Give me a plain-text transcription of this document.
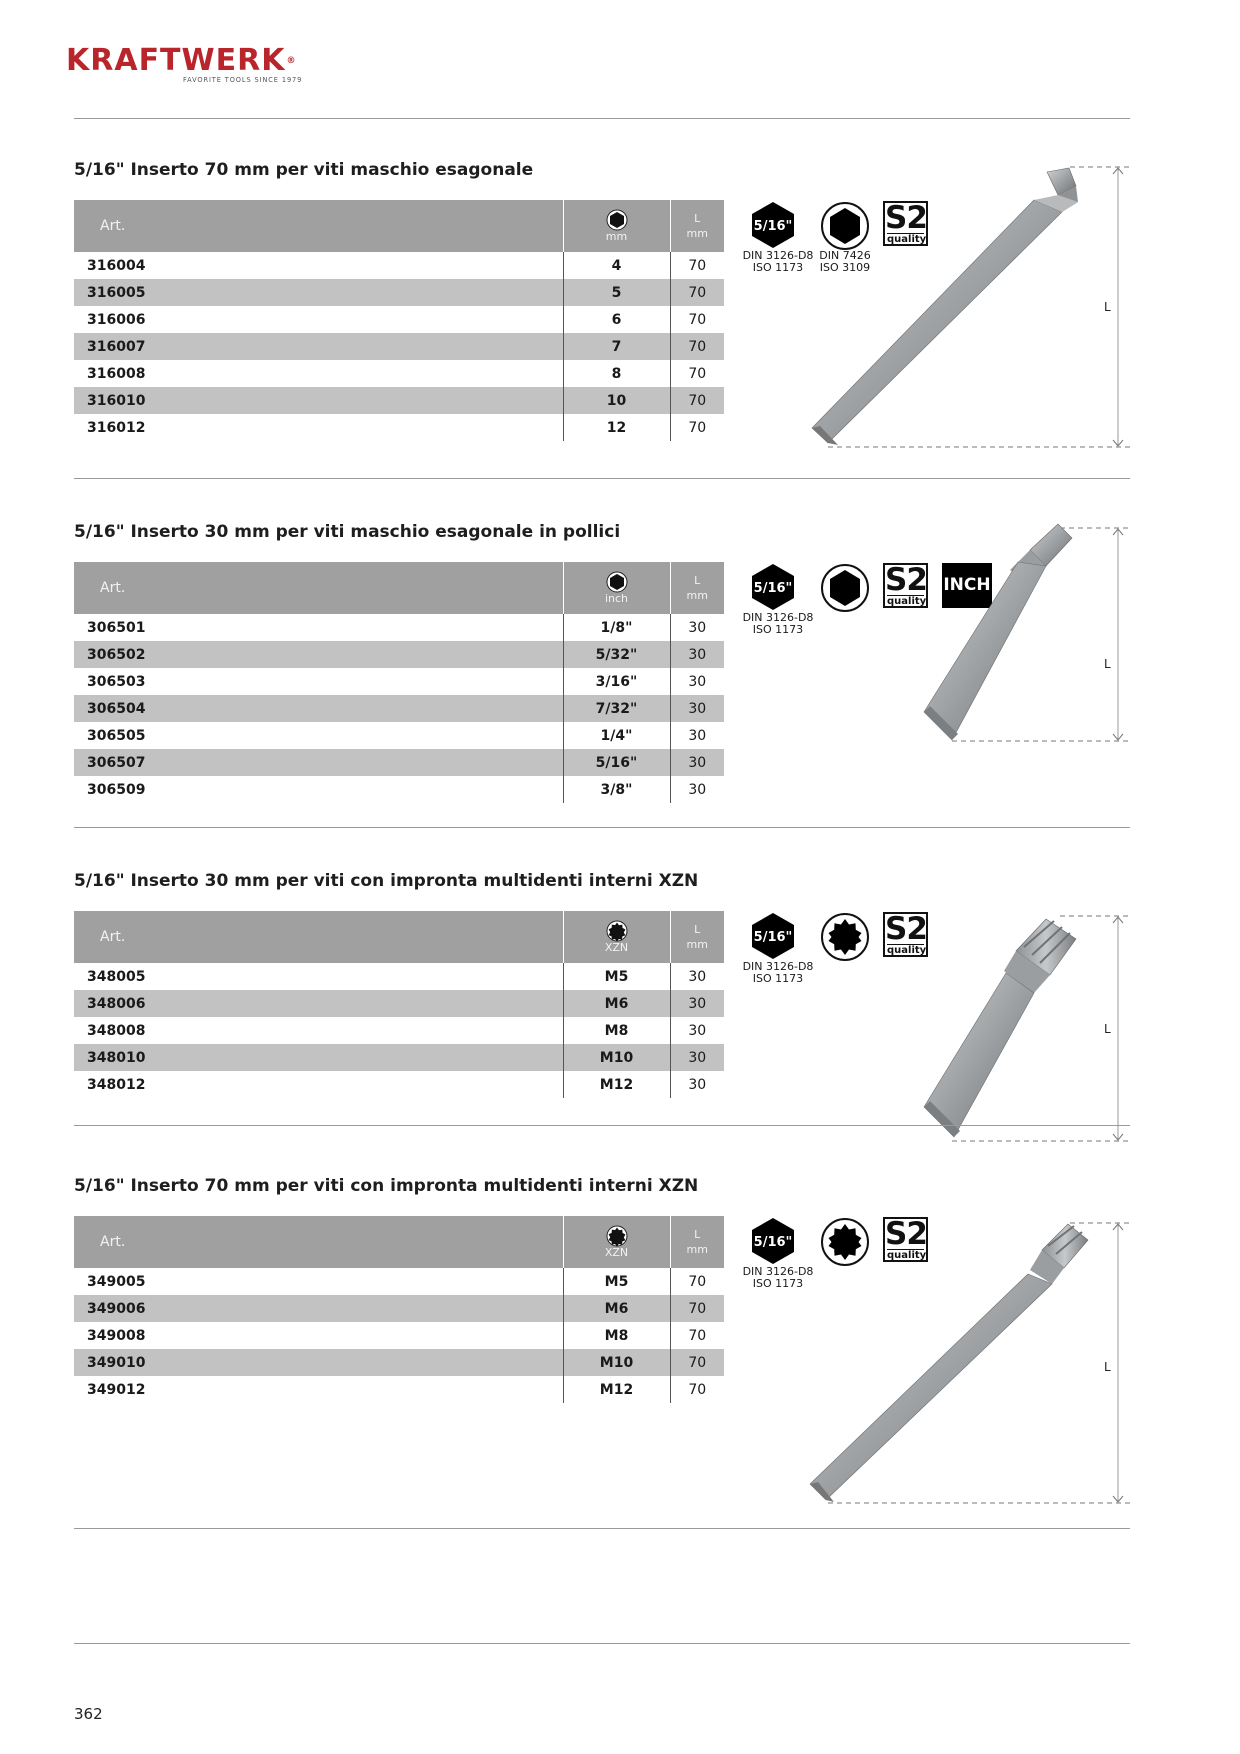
KRAFTWERK®
FAVORITE TOOLS SINCE 1979
5/16" Inserto 70 mm per viti maschio esagonale
Art.	mm	L
mm
316004	4	70
316005	5	70
316006	6	70
316007	7	70
316008	8	70
316010	10	70
316012	12	70
5/16"
DIN 3126-D8
ISO 1173
DIN 7426
ISO 3109
S2
quality
L
5/16" Inserto 30 mm per viti maschio esagonale in pollici
Art.	inch	L
mm
306501	1/8"	30
306502	5/32"	30
306503	3/16"	30
306504	7/32"	30
306505	1/4"	30
306507	5/16"	30
306509	3/8"	30
5/16"
DIN 3126-D8
ISO 1173
S2
quality
INCH
L
5/16" Inserto 30 mm per viti con impronta multidenti interni XZN
Art.	XZN	L
mm
348005	M5	30
348006	M6	30
348008	M8	30
348010	M10	30
348012	M12	30
5/16"
DIN 3126-D8
ISO 1173
S2
quality
L
5/16" Inserto 70 mm per viti con impronta multidenti interni XZN
Art.	XZN	L
mm
349005	M5	70
349006	M6	70
349008	M8	70
349010	M10	70
349012	M12	70
5/16"
DIN 3126-D8
ISO 1173
S2
quality
L
362
